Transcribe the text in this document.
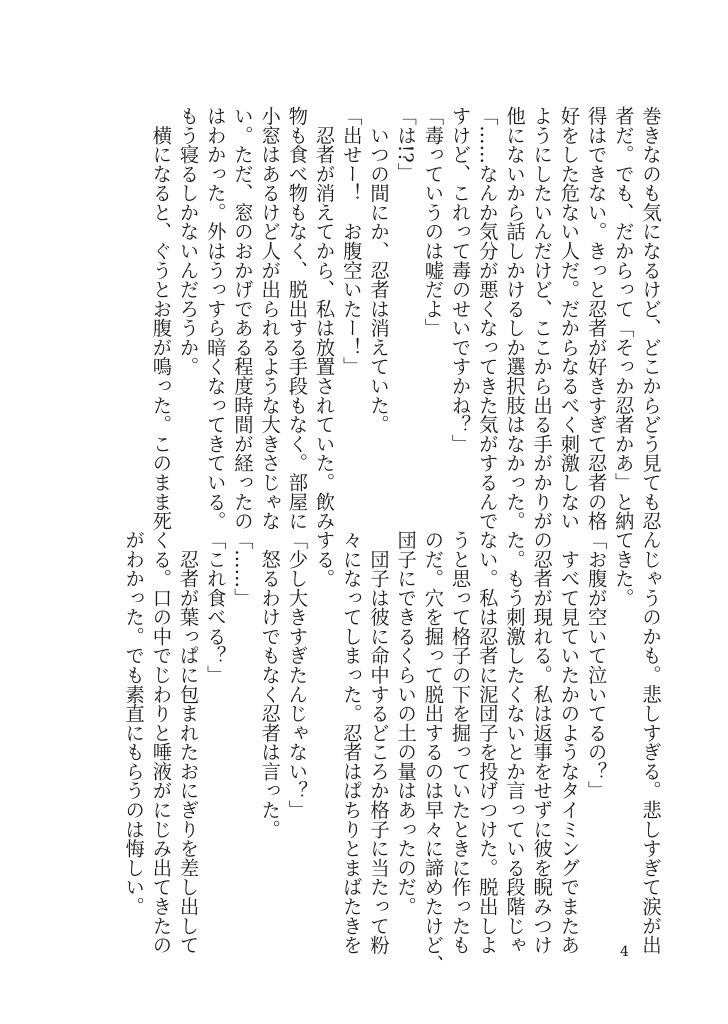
巻きなのも気になるけど、どこからどう見ても忍
者だ。でも、だからって「そっか忍者かあ」と納
得はできない。きっと忍者が好きすぎて忍者の格
好をした危ない人だ。だからなるべく刺激しない
ようにしたいんだけど、ここから出る手がかりが
他にないから話しかけるしか選択肢はなかった。
「……なんか気分が悪くなってきた気がするんで
すけど、これって毒のせいですかね？」
「毒っていうのは嘘だよ」
「は!?」
　いつの間にか、忍者は消えていた。
「出せー！　お腹空いたー！」
　忍者が消えてから、私は放置されていた。飲み
物も食べ物もなく、脱出する手段もなく。部屋に
小窓はあるけど人が出られるような大きさじゃな
い。ただ、窓のおかげである程度時間が経ったの
はわかった。外はうっすら暗くなってきている。
もう寝るしかないんだろうか。
　横になると、ぐうとお腹が鳴った。このまま死
んじゃうのかも。悲しすぎる。悲しすぎて涙が出
てきた。
「お腹が空いて泣いてるの？」
　すべて見ていたかのようなタイミングでまたあ
の忍者が現れる。私は返事をせずに彼を睨みつけ
た。もう刺激したくないとか言っている段階じゃ
ない。私は忍者に泥団子を投げつけた。脱出しよ
うと思って格子の下を掘っていたときに作ったも
のだ。穴を掘って脱出するのは早々に諦めたけど、
団子にできるくらいの土の量はあったのだ。
　団子は彼に命中するどころか格子に当たって粉
々になってしまった。忍者はぱちりとまばたきを
する。
「少し大きすぎたんじゃない？」
　怒るわけでもなく忍者は言った。
「……」
「これ食べる？」
　忍者が葉っぱに包まれたおにぎりを差し出して
くる。口の中でじわりと唾液がにじみ出てきたの
がわかった。でも素直にもらうのは悔しい。
4
